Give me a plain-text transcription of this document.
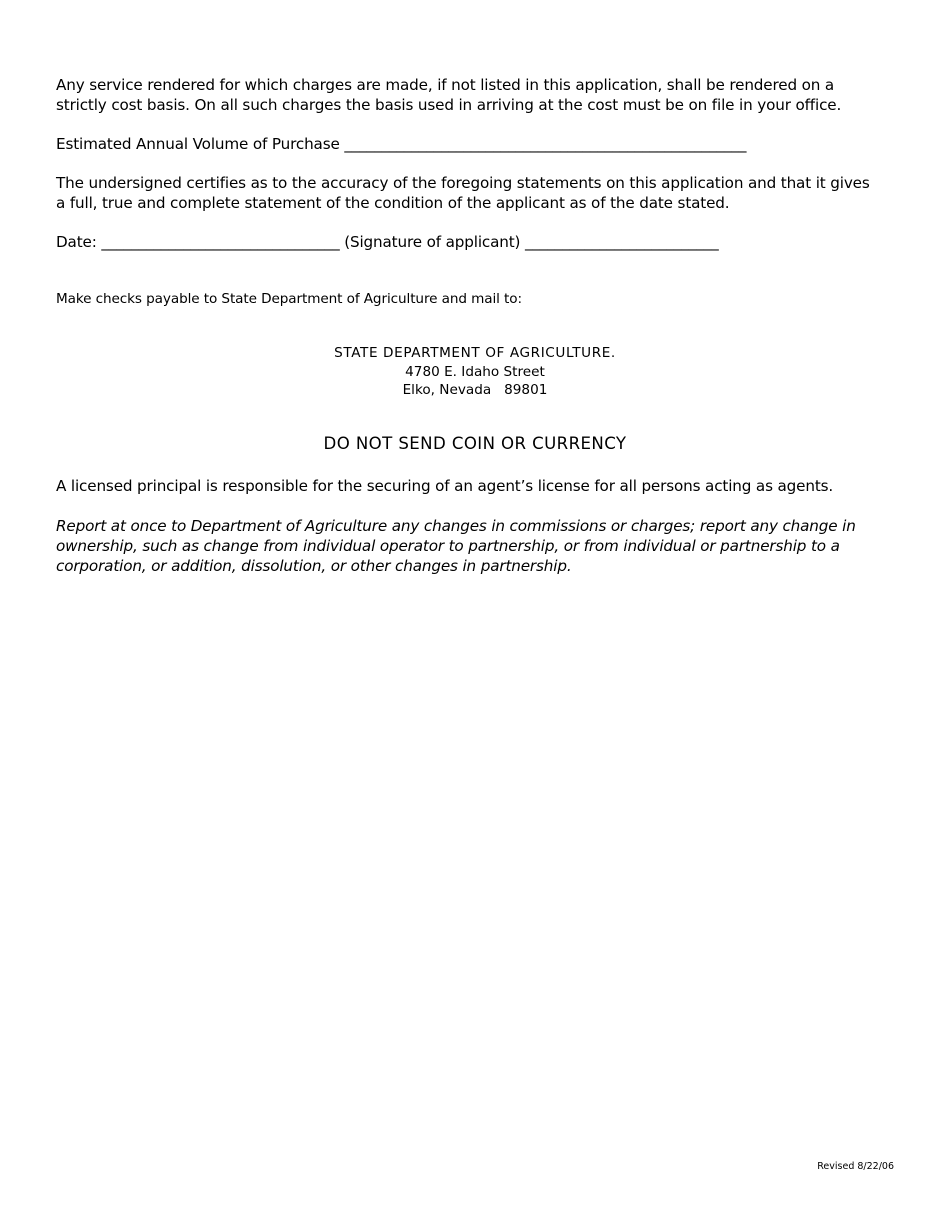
Any service rendered for which charges are made, if not listed in this application, shall be rendered on a
strictly cost basis. On all such charges the basis used in arriving at the cost must be on file in your office.

Estimated Annual Volume of Purchase ______________________________________________________

The undersigned certifies as to the accuracy of the foregoing statements on this application and that it gives
a full, true and complete statement of the condition of the applicant as of the date stated.

Date: ________________________________ (Signature of applicant) __________________________

Make checks payable to State Department of Agriculture and mail to:
STATE DEPARTMENT OF AGRICULTURE.
4780 E. Idaho Street
Elko, Nevada   89801
DO NOT SEND COIN OR CURRENCY

A licensed principal is responsible for the securing of an agent’s license for all persons acting as agents.

Report at once to Department of Agriculture any changes in commissions or charges; report any change in
ownership, such as change from individual operator to partnership, or from individual or partnership to a
corporation, or addition, dissolution, or other changes in partnership.

Revised 8/22/06
